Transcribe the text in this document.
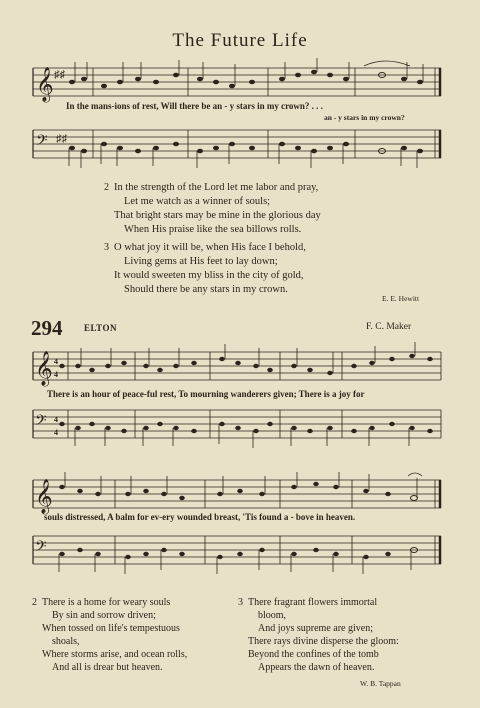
The Future Life
𝄞 ♯♯
In the mans-ions of rest, Will there be an - y stars in my crown? . . .
an - y stars in my crown?
𝄢 ♯♯
2 In the strength of the Lord let me labor and pray,
Let me watch as a winner of souls;
That bright stars may be mine in the glorious day
When His praise like the sea billows rolls.
3 O what joy it will be, when His face I behold,
Living gems at His feet to lay down;
It would sweeten my bliss in the city of gold,
Should there be any stars in my crown.
E. E. Hewitt
294 ELTON	F. C. Maker
𝄞 4
4
There is an hour of peace-ful rest, To mourning wanderers given; There is a joy for
𝄢 4
4
𝄞
souls distressed, A balm for ev-ery wounded breast, 'Tis found a - bove in heaven.
𝄢
2 There is a home for weary souls
By sin and sorrow driven;
When tossed on life's tempestuous
shoals,
Where storms arise, and ocean rolls,
And all is drear but heaven.
3 There fragrant flowers immortal
bloom,
And joys supreme are given;
There rays divine disperse the gloom:
Beyond the confines of the tomb
Appears the dawn of heaven.
W. B. Tappan
